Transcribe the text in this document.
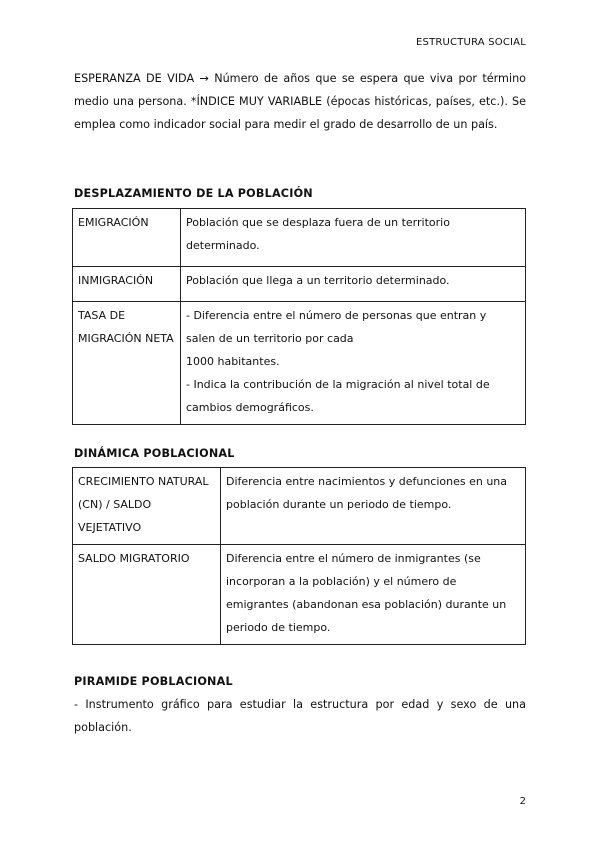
ESTRUCTURA SOCIAL

ESPERANZA DE VIDA → Número de años que se espera que viva por término medio una persona. *ÍNDICE MUY VARIABLE (épocas históricas, países, etc.). Se emplea como indicador social para medir el grado de desarrollo de un país.

DESPLAZAMIENTO DE LA POBLACIÓN
EMIGRACIÓN	Población que se desplaza fuera de un territorio determinado.
INMIGRACIÓN	Población que llega a un territorio determinado.
TASA DE MIGRACIÓN NETA	- Diferencia entre el número de personas que entran y salen de un territorio por cada
1000 habitantes.
- Indica la contribución de la migración al nivel total de cambios demográficos.
DINÁMICA POBLACIONAL
CRECIMIENTO NATURAL (CN) / SALDO VEJETATIVO	Diferencia entre nacimientos y defunciones en una población durante un periodo de tiempo.
SALDO MIGRATORIO	Diferencia entre el número de inmigrantes (se incorporan a la población) y el número de emigrantes (abandonan esa población) durante un periodo de tiempo.
PIRAMIDE POBLACIONAL

- Instrumento gráfico para estudiar la estructura por edad y sexo de una población.

2
